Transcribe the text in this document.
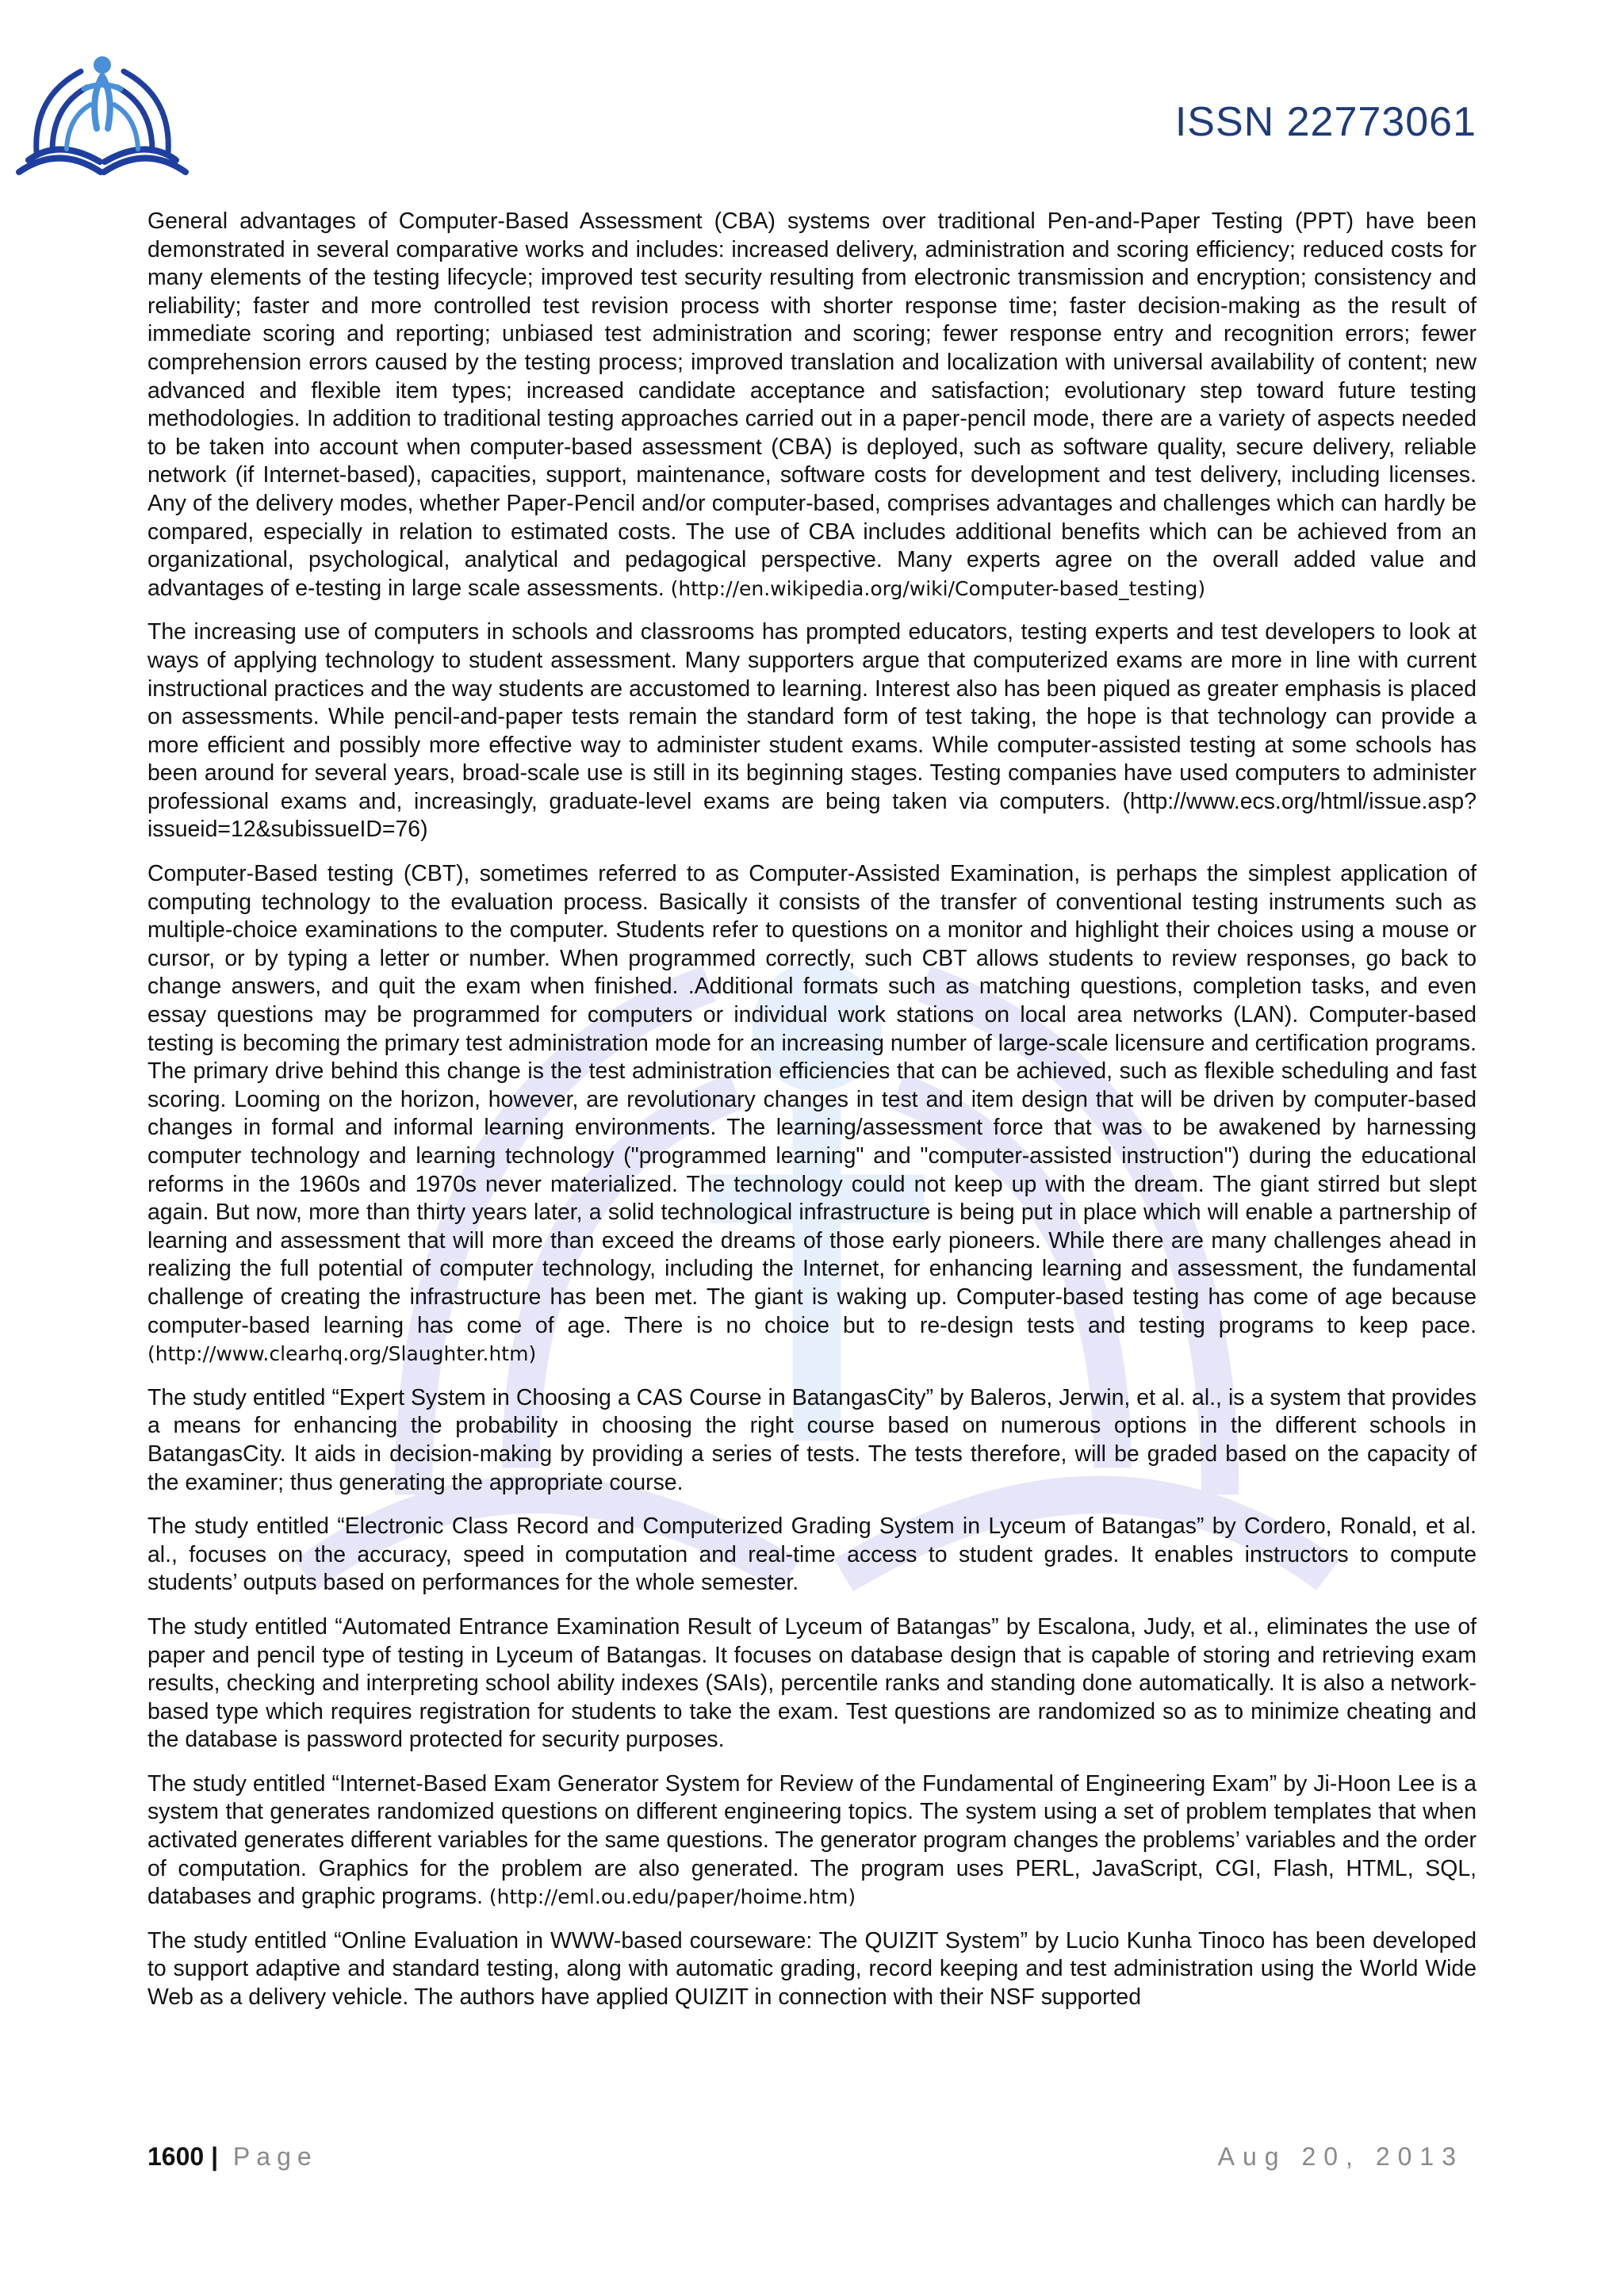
ISSN 22773061

General advantages of Computer-Based Assessment (CBA) systems over traditional Pen-and-Paper Testing (PPT) have been demonstrated in several comparative works and includes: increased delivery, administration and scoring efficiency; reduced costs for many elements of the testing lifecycle; improved test security resulting from electronic transmission and encryption; consistency and reliability; faster and more controlled test revision process with shorter response time; faster decision-making as the result of immediate scoring and reporting; unbiased test administration and scoring; fewer response entry and recognition errors; fewer comprehension errors caused by the testing process; improved translation and localization with universal availability of content; new advanced and flexible item types; increased candidate acceptance and satisfaction; evolutionary step toward future testing methodologies. In addition to traditional testing approaches carried out in a paper-pencil mode, there are a variety of aspects needed to be taken into account when computer-based assessment (CBA) is deployed, such as software quality, secure delivery, reliable network (if Internet-based), capacities, support, maintenance, software costs for development and test delivery, including licenses. Any of the delivery modes, whether Paper-Pencil and/or computer-based, comprises advantages and challenges which can hardly be compared, especially in relation to estimated costs. The use of CBA includes additional benefits which can be achieved from an organizational, psychological, analytical and pedagogical perspective. Many experts agree on the overall added value and advantages of e-testing in large scale assessments. (http://en.wikipedia.org/wiki/Computer-based_testing)

The increasing use of computers in schools and classrooms has prompted educators, testing experts and test developers to look at ways of applying technology to student assessment. Many supporters argue that computerized exams are more in line with current instructional practices and the way students are accustomed to learning. Interest also has been piqued as greater emphasis is placed on assessments. While pencil-and-paper tests remain the standard form of test taking, the hope is that technology can provide a more efficient and possibly more effective way to administer student exams. While computer-assisted testing at some schools has been around for several years, broad-scale use is still in its beginning stages. Testing companies have used computers to administer professional exams and, increasingly, graduate-level exams are being taken via computers. (http://www.ecs.org/html/issue.asp?issueid=12&subissueID=76)

Computer-Based testing (CBT), sometimes referred to as Computer-Assisted Examination, is perhaps the simplest application of computing technology to the evaluation process. Basically it consists of the transfer of conventional testing instruments such as multiple-choice examinations to the computer. Students refer to questions on a monitor and highlight their choices using a mouse or cursor, or by typing a letter or number. When programmed correctly, such CBT allows students to review responses, go back to change answers, and quit the exam when finished. .Additional formats such as matching questions, completion tasks, and even essay questions may be programmed for computers or individual work stations on local area networks (LAN). Computer-based testing is becoming the primary test administration mode for an increasing number of large-scale licensure and certification programs. The primary drive behind this change is the test administration efficiencies that can be achieved, such as flexible scheduling and fast scoring. Looming on the horizon, however, are revolutionary changes in test and item design that will be driven by computer-based changes in formal and informal learning environments. The learning/assessment force that was to be awakened by harnessing computer technology and learning technology ("programmed learning" and "computer-assisted instruction") during the educational reforms in the 1960s and 1970s never materialized. The technology could not keep up with the dream. The giant stirred but slept again. But now, more than thirty years later, a solid technological infrastructure is being put in place which will enable a partnership of learning and assessment that will more than exceed the dreams of those early pioneers. While there are many challenges ahead in realizing the full potential of computer technology, including the Internet, for enhancing learning and assessment, the fundamental challenge of creating the infrastructure has been met. The giant is waking up. Computer-based testing has come of age because computer-based learning has come of age. There is no choice but to re-design tests and testing programs to keep pace. (http://www.clearhq.org/Slaughter.htm)

The study entitled “Expert System in Choosing a CAS Course in BatangasCity” by Baleros, Jerwin, et al. al., is a system that provides a means for enhancing the probability in choosing the right course based on numerous options in the different schools in BatangasCity. It aids in decision-making by providing a series of tests. The tests therefore, will be graded based on the capacity of the examiner; thus generating the appropriate course.

The study entitled “Electronic Class Record and Computerized Grading System in Lyceum of Batangas” by Cordero, Ronald, et al. al., focuses on the accuracy, speed in computation and real-time access to student grades. It enables instructors to compute students’ outputs based on performances for the whole semester.

The study entitled “Automated Entrance Examination Result of Lyceum of Batangas” by Escalona, Judy, et al., eliminates the use of paper and pencil type of testing in Lyceum of Batangas. It focuses on database design that is capable of storing and retrieving exam results, checking and interpreting school ability indexes (SAIs), percentile ranks and standing done automatically. It is also a network-based type which requires registration for students to take the exam. Test questions are randomized so as to minimize cheating and the database is password protected for security purposes.

The study entitled “Internet-Based Exam Generator System for Review of the Fundamental of Engineering Exam” by Ji-Hoon Lee is a system that generates randomized questions on different engineering topics. The system using a set of problem templates that when activated generates different variables for the same questions. The generator program changes the problems’ variables and the order of computation. Graphics for the problem are also generated. The program uses PERL, JavaScript, CGI, Flash, HTML, SQL, databases and graphic programs. (http://eml.ou.edu/paper/hoime.htm)

The study entitled “Online Evaluation in WWW-based courseware: The QUIZIT System” by Lucio Kunha Tinoco has been developed to support adaptive and standard testing, along with automatic grading, record keeping and test administration using the World Wide Web as a delivery vehicle. The authors have applied QUIZIT in connection with their NSF supported

1600 | Page	Aug 20, 2013
